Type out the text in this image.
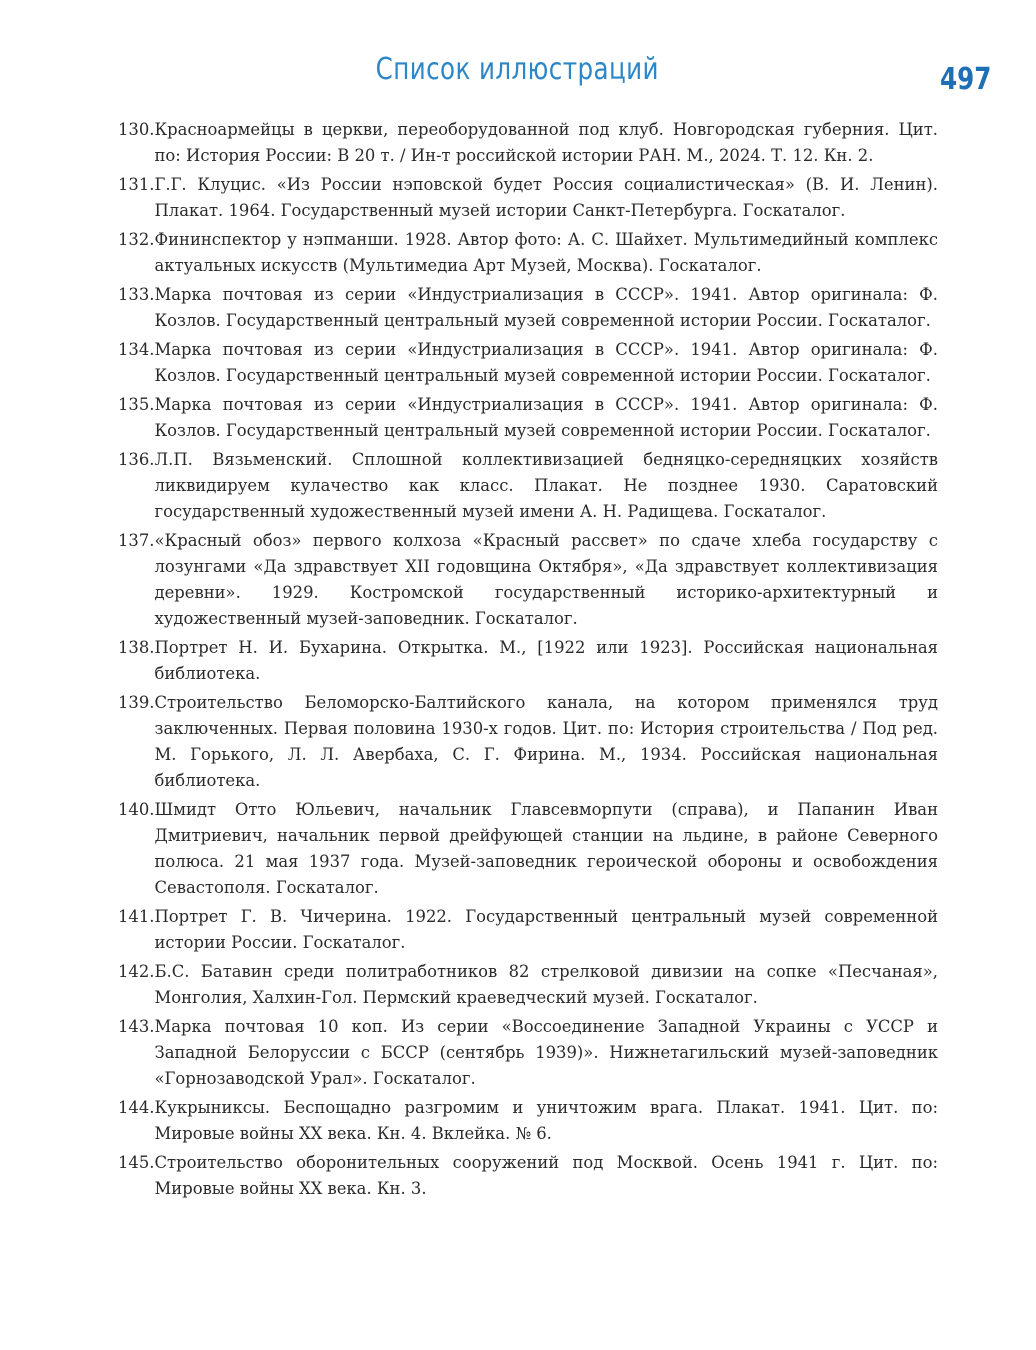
Список иллюстраций	497
130. Красноармейцы в церкви, переоборудованной под клуб. Новгородская губерния. Цит. по: История России: В 20 т. / Ин-т российской истории РАН. М., 2024. Т. 12. Кн. 2.
131. Г.Г. Клуцис. «Из России нэповской будет Россия социалистическая» (В. И. Ленин). Плакат. 1964. Государственный музей истории Санкт-Петербурга. Госкаталог.
132. Фининспектор у нэпманши. 1928. Автор фото: А. С. Шайхет. Мультимедийный комплекс актуальных искусств (Мультимедиа Арт Музей, Москва). Госкаталог.
133. Марка почтовая из серии «Индустриализация в СССР». 1941. Автор оригинала: Ф. Козлов. Государственный центральный музей современной истории России. Госкаталог.
134. Марка почтовая из серии «Индустриализация в СССР». 1941. Автор оригинала: Ф. Козлов. Государственный центральный музей современной истории России. Госкаталог.
135. Марка почтовая из серии «Индустриализация в СССР». 1941. Автор оригинала: Ф. Козлов. Государственный центральный музей современной истории России. Госкаталог.
136. Л.П. Вязьменский. Сплошной коллективизацией бедняцко-середняцких хозяйств ликвидируем кулачество как класс. Плакат. Не позднее 1930. Саратовский государственный художественный музей имени А. Н. Радищева. Госкаталог.
137. «Красный обоз» первого колхоза «Красный рассвет» по сдаче хлеба государству с лозунгами «Да здравствует XII годовщина Октября», «Да здравствует коллективизация деревни». 1929. Костромской государственный историко-архитектурный и художественный музей-заповедник. Госкаталог.
138. Портрет Н. И. Бухарина. Открытка. М., [1922 или 1923]. Российская национальная библиотека.
139. Строительство Беломорско-Балтийского канала, на котором применялся труд заключенных. Первая половина 1930-х годов. Цит. по: История строительства / Под ред. М. Горького, Л. Л. Авербаха, С. Г. Фирина. М., 1934. Российская национальная библиотека.
140. Шмидт Отто Юльевич, начальник Главсевморпути (справа), и Папанин Иван Дмитриевич, начальник первой дрейфующей станции на льдине, в районе Северного полюса. 21 мая 1937 года. Музей-заповедник героической обороны и освобождения Севастополя. Госкаталог.
141. Портрет Г. В. Чичерина. 1922. Государственный центральный музей современной истории России. Госкаталог.
142. Б.С. Батавин среди политработников 82 стрелковой дивизии на сопке «Песчаная», Монголия, Халхин-Гол. Пермский краеведческий музей. Госкаталог.
143. Марка почтовая 10 коп. Из серии «Воссоединение Западной Украины с УССР и Западной Белоруссии с БССР (сентябрь 1939)». Нижнетагильский музей-заповедник «Горнозаводской Урал». Госкаталог.
144. Кукрыниксы. Беспощадно разгромим и уничтожим врага. Плакат. 1941. Цит. по: Мировые войны XX века. Кн. 4. Вклейка. № 6.
145. Строительство оборонительных сооружений под Москвой. Осень 1941 г. Цит. по: Мировые войны XX века. Кн. 3.
